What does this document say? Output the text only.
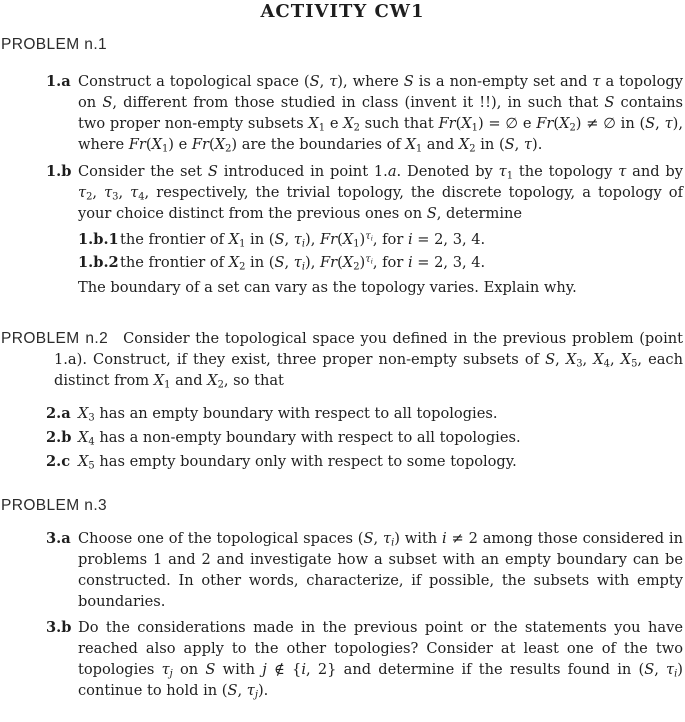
ACTIVITY CW1
PROBLEM n.1
1.a Construct a topological space (S, τ), where S is a non-empty set and τ a topology on S, different from those studied in class (invent it !!), in such that S contains two proper non-empty subsets $X_1$ e $X_2$ such that $Fr(X_1)$ = ∅ e $Fr(X_2)$ ≠ ∅ in (S, τ), where $Fr(X_1)$ e $Fr(X_2)$ are the boundaries of $X_1$ and $X_2$ in (S, τ).
1.b Consider the set S introduced in point 1.a. Denoted by $\tau_1$ the topology τ and by $\tau_2$, $\tau_3$, $\tau_4$, respectively, the trivial topology, the discrete topology, a topology of your choice distinct from the previous ones on S, determine
1.b.1 the frontier of $X_1$ in (S, $\tau_i$), $Fr(X_1)^{\tau_i}$, for i = 2, 3, 4.
1.b.2 the frontier of $X_2$ in (S, $\tau_i$), $Fr(X_2)^{\tau_i}$, for i = 2, 3, 4.
The boundary of a set can vary as the topology varies. Explain why.
PROBLEM n.2 Consider the topological space you defined in the previous problem (point 1.a). Construct, if they exist, three proper non-empty subsets of S, $X_3$, $X_4$, $X_5$, each distinct from $X_1$ and $X_2$, so that
2.a $X_3$ has an empty boundary with respect to all topologies.
2.b $X_4$ has a non-empty boundary with respect to all topologies.
2.c $X_5$ has empty boundary only with respect to some topology.
PROBLEM n.3
3.a Choose one of the topological spaces (S, $\tau_i$) with i ≠ 2 among those considered in problems 1 and 2 and investigate how a subset with an empty boundary can be constructed. In other words, characterize, if possible, the subsets with empty boundaries.
3.b Do the considerations made in the previous point or the statements you have reached also apply to the other topologies? Consider at least one of the two topologies $\tau_j$ on S with j ∉ {i, 2} and determine if the results found in (S, $\tau_i$) continue to hold in (S, $\tau_j$).
